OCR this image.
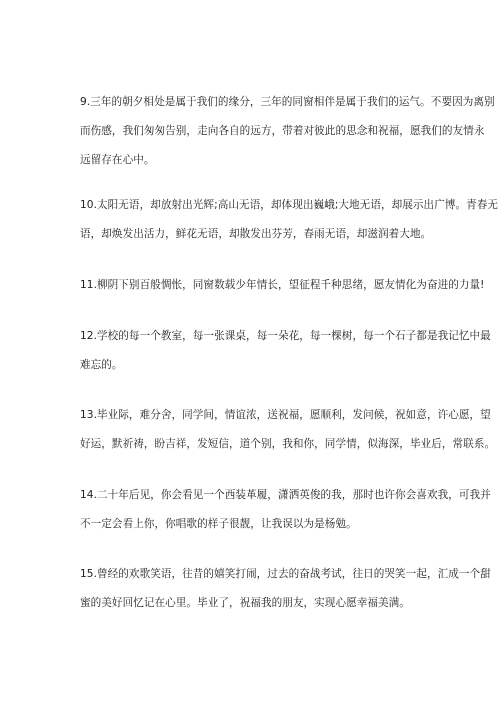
9.三年的朝夕相处是属于我们的缘分，三年的同窗相伴是属于我们的运气。不要因为离别
而伤感，我们匆匆告别，走向各自的远方，带着对彼此的思念和祝福，愿我们的友情永
远留存在心中。

10.太阳无语，却放射出光辉;高山无语，却体现出巍峨;大地无语，却展示出广博。青春无
语，却焕发出活力，鲜花无语，却散发出芬芳，春雨无语，却滋润着大地。

11.柳阴下别百般惆怅，同窗数载少年情长，望征程千种思绪，愿友情化为奋进的力量!

12.学校的每一个教室，每一张课桌，每一朵花，每一棵树，每一个石子都是我记忆中最
难忘的。

13.毕业际，难分舍，同学间，情谊浓，送祝福，愿顺利，发问候，祝如意，许心愿，望
好运，默祈祷，盼吉祥，发短信，道个别，我和你，同学情，似海深，毕业后，常联系。

14.二十年后见，你会看见一个西装革履，潇洒英俊的我，那时也许你会喜欢我，可我并
不一定会看上你，你唱歌的样子很靓，让我误以为是杨勉。

15.曾经的欢歌笑语，往昔的嬉笑打闹，过去的奋战考试，往日的哭笑一起，汇成一个甜
蜜的美好回忆记在心里。毕业了，祝福我的朋友，实现心愿幸福美满。
